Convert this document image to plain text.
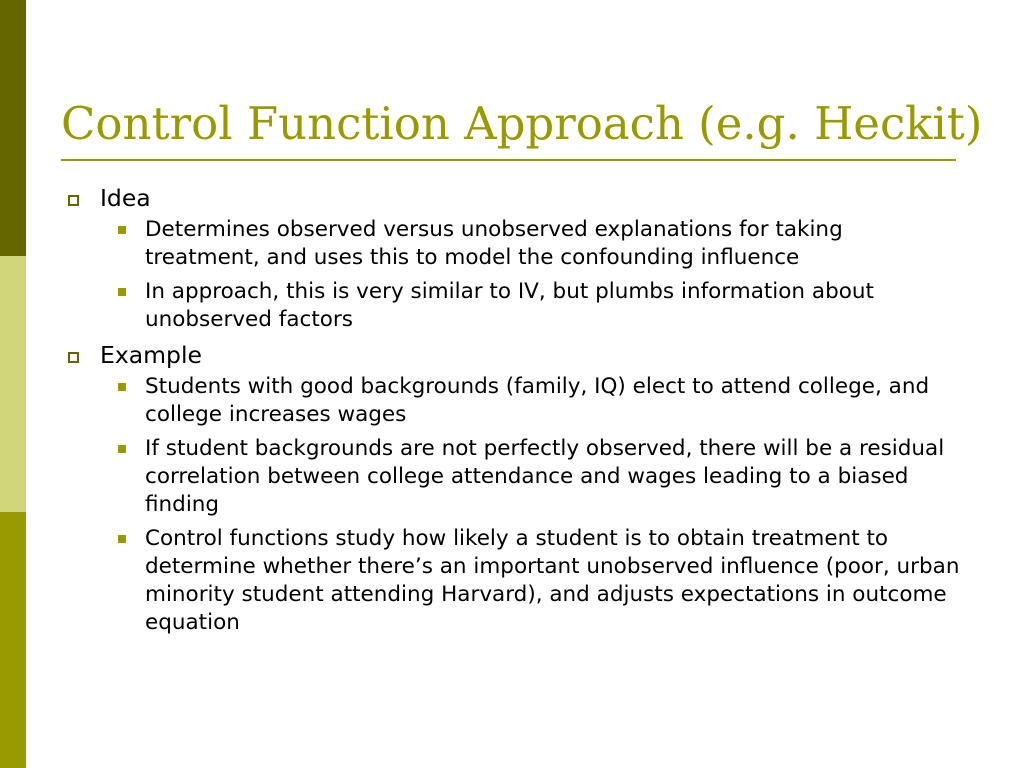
Control Function Approach (e.g. Heckit)
Idea
Determines observed versus unobserved explanations for taking treatment, and uses this to model the confounding influence
In approach, this is very similar to IV, but plumbs information about unobserved factors
Example
Students with good backgrounds (family, IQ) elect to attend college, and college increases wages
If student backgrounds are not perfectly observed, there will be a residual correlation between college attendance and wages leading to a biased finding
Control functions study how likely a student is to obtain treatment to determine whether there’s an important unobserved influence (poor, urban minority student attending Harvard), and adjusts expectations in outcome equation
